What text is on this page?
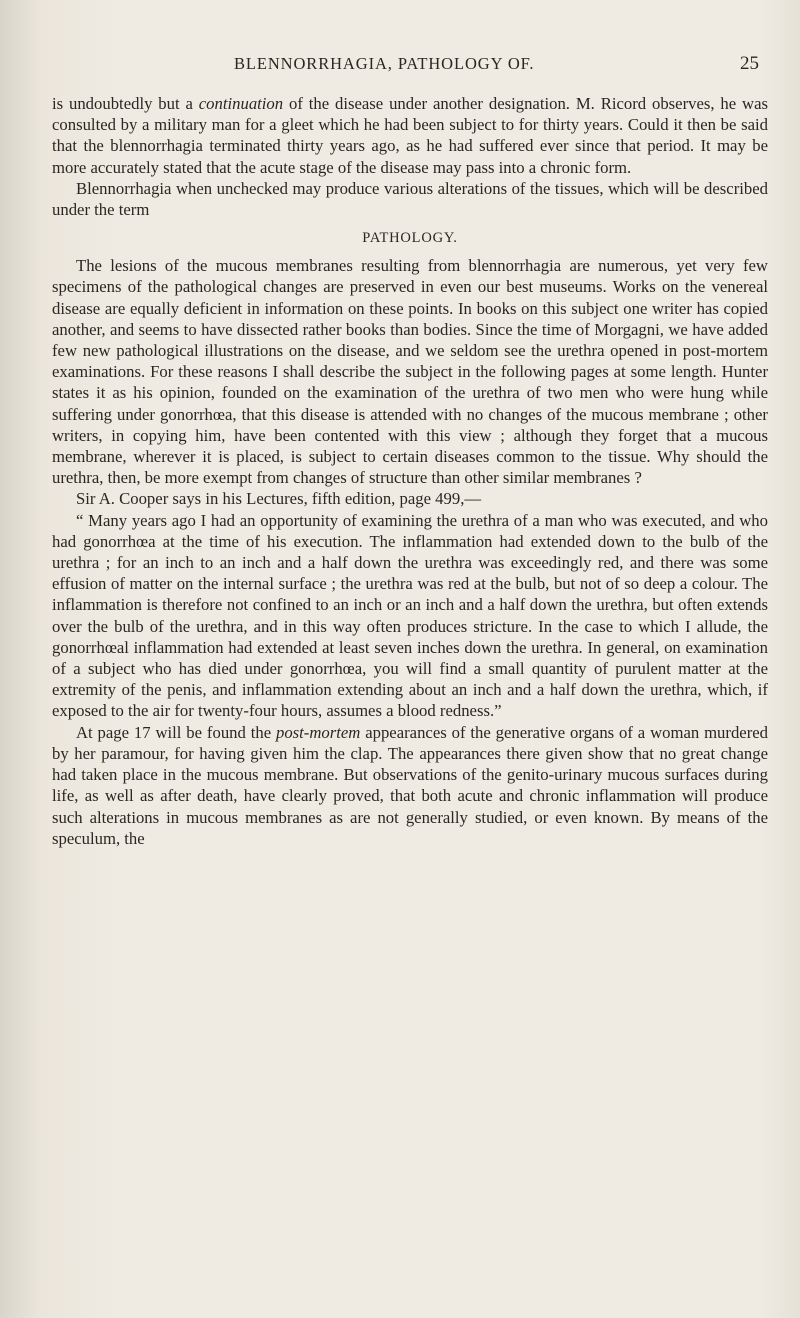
BLENNORRHAGIA, PATHOLOGY OF.	25

is undoubtedly but a continuation of the disease under another designation. M. Ricord observes, he was consulted by a military man for a gleet which he had been subject to for thirty years. Could it then be said that the blennorrhagia terminated thirty years ago, as he had suffered ever since that period. It may be more accurately stated that the acute stage of the disease may pass into a chronic form.

Blennorrhagia when unchecked may produce various alterations of the tissues, which will be described under the term

PATHOLOGY.

The lesions of the mucous membranes resulting from blennorrhagia are numerous, yet very few specimens of the pathological changes are preserved in even our best museums. Works on the venereal disease are equally deficient in information on these points. In books on this subject one writer has copied another, and seems to have dissected rather books than bodies. Since the time of Morgagni, we have added few new pathological illustrations on the disease, and we seldom see the urethra opened in post-mortem examinations. For these reasons I shall describe the subject in the following pages at some length. Hunter states it as his opinion, founded on the examination of the urethra of two men who were hung while suffering under gonorrhœa, that this disease is attended with no changes of the mucous membrane ; other writers, in copying him, have been contented with this view ; although they forget that a mucous membrane, wherever it is placed, is subject to certain diseases common to the tissue. Why should the urethra, then, be more exempt from changes of structure than other similar membranes ?

Sir A. Cooper says in his Lectures, fifth edition, page 499,—

“ Many years ago I had an opportunity of examining the urethra of a man who was executed, and who had gonorrhœa at the time of his execution. The inflammation had extended down to the bulb of the urethra ; for an inch to an inch and a half down the urethra was exceedingly red, and there was some effusion of matter on the internal surface ; the urethra was red at the bulb, but not of so deep a colour. The inflammation is therefore not confined to an inch or an inch and a half down the urethra, but often extends over the bulb of the urethra, and in this way often produces stricture. In the case to which I allude, the gonorrhœal inflammation had extended at least seven inches down the urethra. In general, on examination of a subject who has died under gonorrhœa, you will find a small quantity of purulent matter at the extremity of the penis, and inflammation extending about an inch and a half down the urethra, which, if exposed to the air for twenty-four hours, assumes a blood redness.”

At page 17 will be found the post-mortem appearances of the generative organs of a woman murdered by her paramour, for having given him the clap. The appearances there given show that no great change had taken place in the mucous membrane. But observations of the genito-urinary mucous surfaces during life, as well as after death, have clearly proved, that both acute and chronic inflammation will produce such alterations in mucous membranes as are not generally studied, or even known. By means of the speculum, the
